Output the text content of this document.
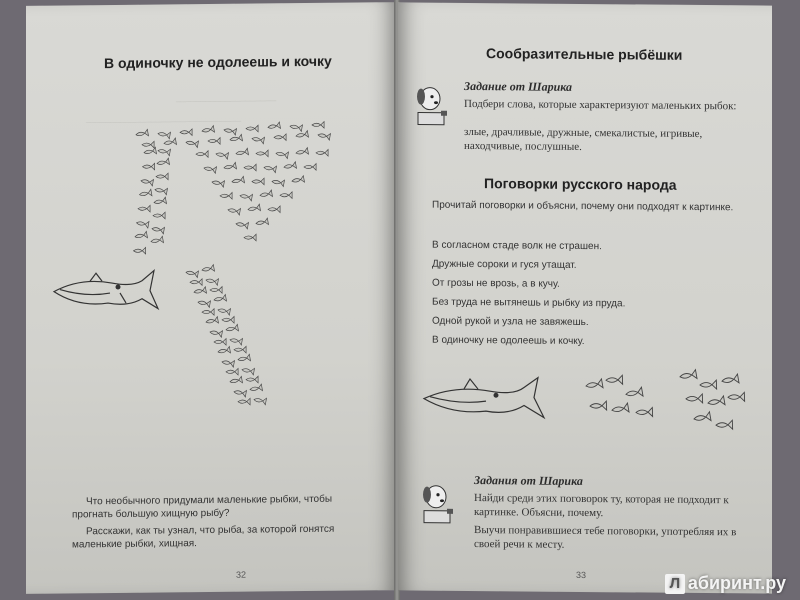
В одиночку не одолеешь и кочку
____________________
_______________________________
Что необычного придумали маленькие рыбки, чтобы прогнать большую хищную рыбу?
Расскажи, как ты узнал, что рыба, за которой гонятся маленькие рыбки, хищная.
32
Сообразительные рыбёшки
Задание от Шарика
Подбери слова, которые характеризуют маленьких рыбок:
злые, драчливые, дружные, смекалистые, игривые, находчивые, послушные.
Поговорки русского народа
Прочитай поговорки и объясни, почему они подходят к картинке.
В согласном стаде волк не страшен.
Дружные сороки и гуся утащат.
От грозы не врозь, а в кучу.
Без труда не вытянешь и рыбку из пруда.
Одной рукой и узла не завяжешь.
В одиночку не одолеешь и кочку.
Задания от Шарика
Найди среди этих поговорок ту, которая не подходит к картинке. Объясни, почему.
Выучи понравившиеся тебе поговорки, употребляя их в своей речи к месту.
33
Л абиринт.ру
